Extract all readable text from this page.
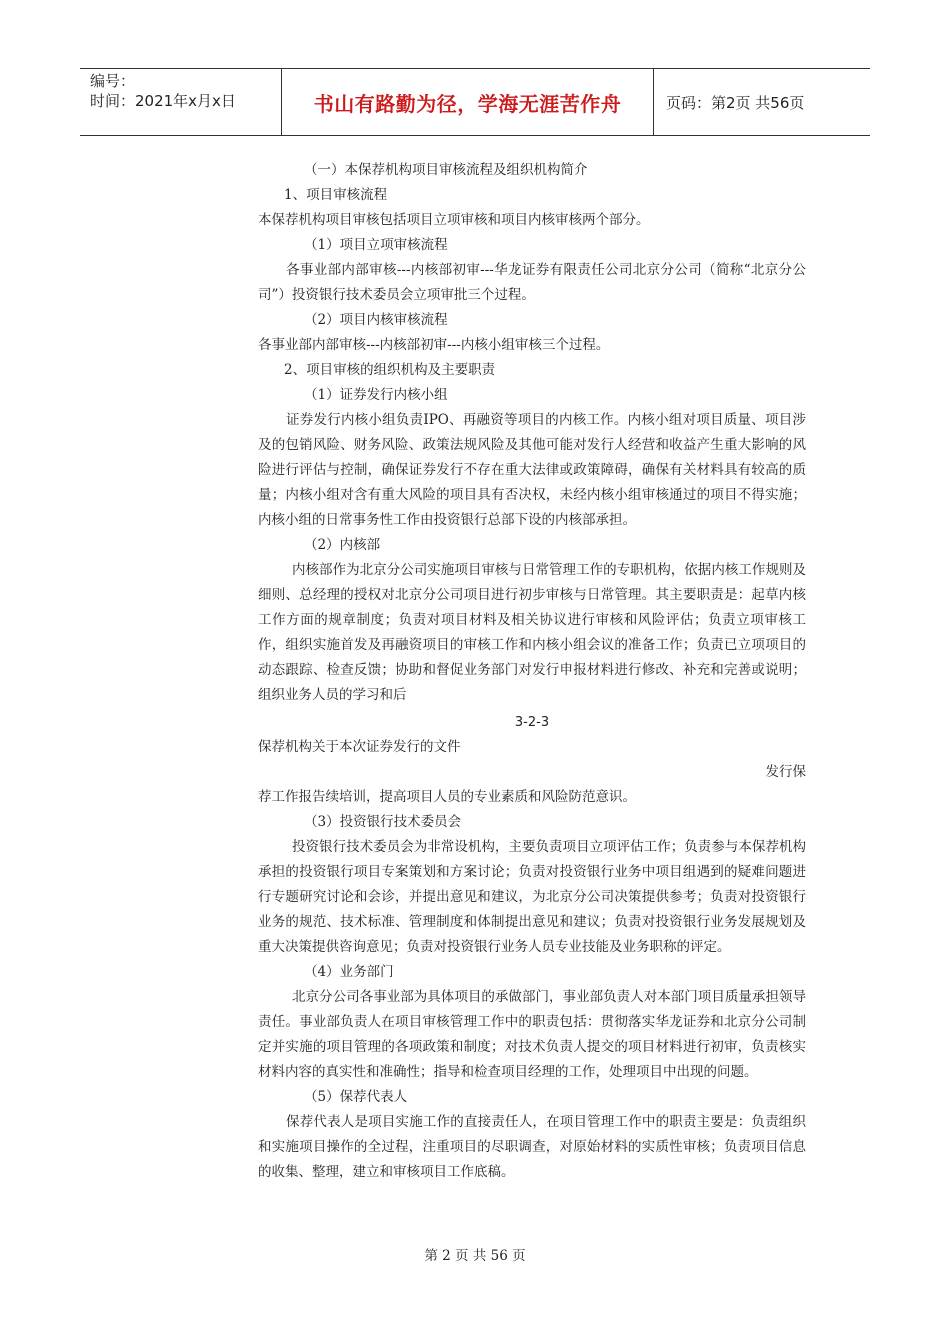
编号：
时间：2021年x月x日	书山有路勤为径，学海无涯苦作舟	页码：第2页 共56页

（一）本保荐机构项目审核流程及组织机构简介

1、项目审核流程

本保荐机构项目审核包括项目立项审核和项目内核审核两个部分。

（1）项目立项审核流程

各事业部内部审核---内核部初审---华龙证券有限责任公司北京分公司（简称“北京分公司”）投资银行技术委员会立项审批三个过程。

（2）项目内核审核流程

各事业部内部审核---内核部初审---内核小组审核三个过程。

2、项目审核的组织机构及主要职责

（1）证券发行内核小组

证券发行内核小组负责IPO、再融资等项目的内核工作。内核小组对项目质量、项目涉及的包销风险、财务风险、政策法规风险及其他可能对发行人经营和收益产生重大影响的风险进行评估与控制，确保证券发行不存在重大法律或政策障碍，确保有关材料具有较高的质量；内核小组对含有重大风险的项目具有否决权，未经内核小组审核通过的项目不得实施；内核小组的日常事务性工作由投资银行总部下设的内核部承担。

（2）内核部

内核部作为北京分公司实施项目审核与日常管理工作的专职机构，依据内核工作规则及细则、总经理的授权对北京分公司项目进行初步审核与日常管理。其主要职责是：起草内核工作方面的规章制度；负责对项目材料及相关协议进行审核和风险评估；负责立项审核工作，组织实施首发及再融资项目的审核工作和内核小组会议的准备工作；负责已立项项目的动态跟踪、检查反馈；协助和督促业务部门对发行申报材料进行修改、补充和完善或说明；组织业务人员的学习和后

3-2-3

保荐机构关于本次证券发行的文件

发行保

荐工作报告续培训，提高项目人员的专业素质和风险防范意识。

（3）投资银行技术委员会

投资银行技术委员会为非常设机构，主要负责项目立项评估工作；负责参与本保荐机构承担的投资银行项目专案策划和方案讨论；负责对投资银行业务中项目组遇到的疑难问题进行专题研究讨论和会诊，并提出意见和建议，为北京分公司决策提供参考；负责对投资银行业务的规范、技术标准、管理制度和体制提出意见和建议；负责对投资银行业务发展规划及重大决策提供咨询意见；负责对投资银行业务人员专业技能及业务职称的评定。

（4）业务部门

北京分公司各事业部为具体项目的承做部门，事业部负责人对本部门项目质量承担领导责任。事业部负责人在项目审核管理工作中的职责包括：贯彻落实华龙证券和北京分公司制定并实施的项目管理的各项政策和制度；对技术负责人提交的项目材料进行初审，负责核实材料内容的真实性和准确性；指导和检查项目经理的工作，处理项目中出现的问题。

（5）保荐代表人

保荐代表人是项目实施工作的直接责任人，在项目管理工作中的职责主要是：负责组织和实施项目操作的全过程，注重项目的尽职调查，对原始材料的实质性审核；负责项目信息的收集、整理，建立和审核项目工作底稿。

第 2 页 共 56 页
